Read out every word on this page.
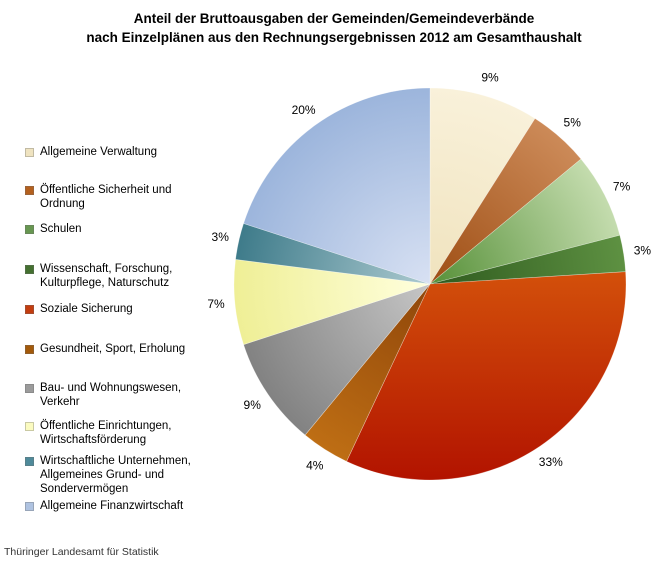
Anteil der Bruttoausgaben der Gemeinden/Gemeindeverbände
nach Einzelplänen aus den Rechnungsergebnissen 2012 am Gesamthaushalt
9%
5%
7%
3%
33%
4%
9%
7%
3%
20%
Allgemeine Verwaltung
Öffentliche Sicherheit und Ordnung
Schulen
Wissenschaft, Forschung, Kulturpflege, Naturschutz
Soziale Sicherung
Gesundheit, Sport, Erholung
Bau- und Wohnungswesen, Verkehr
Öffentliche Einrichtungen, Wirtschaftsförderung
Wirtschaftliche Unternehmen, Allgemeines Grund- und Sondervermögen
Allgemeine Finanzwirtschaft
Thüringer Landesamt für Statistik
